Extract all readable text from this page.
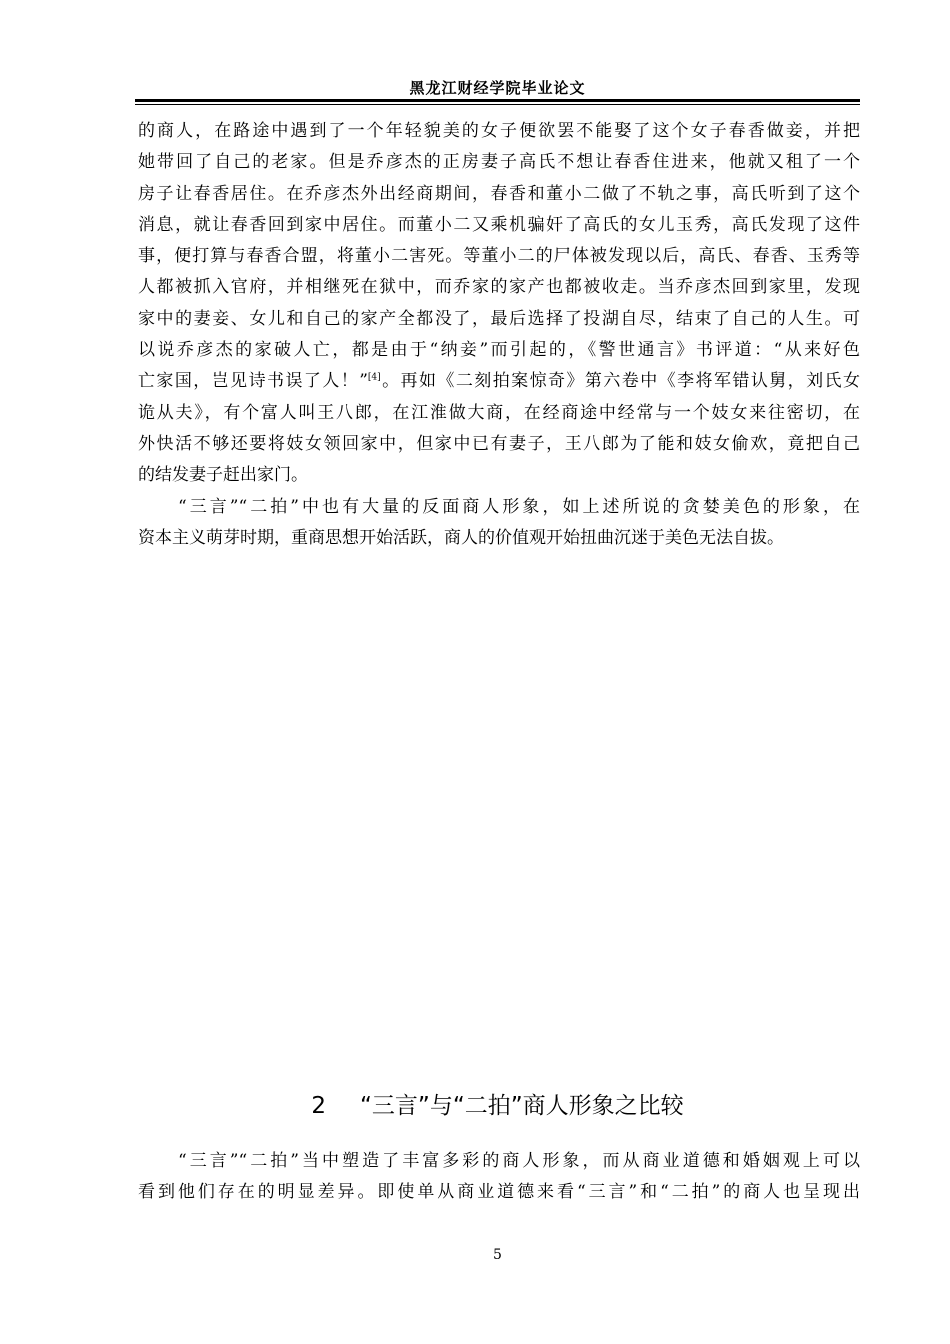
黑龙江财经学院毕业论文
的商人，在路途中遇到了一个年轻貌美的女子便欲罢不能娶了这个女子春香做妾，并把
她带回了自己的老家。但是乔彦杰的正房妻子高氏不想让春香住进来，他就又租了一个
房子让春香居住。在乔彦杰外出经商期间，春香和董小二做了不轨之事，高氏听到了这个
消息，就让春香回到家中居住。而董小二又乘机骗奸了高氏的女儿玉秀，高氏发现了这件
事，便打算与春香合盟，将董小二害死。等董小二的尸体被发现以后，高氏、春香、玉秀等
人都被抓入官府，并相继死在狱中，而乔家的家产也都被收走。当乔彦杰回到家里，发现
家中的妻妾、女儿和自己的家产全都没了，最后选择了投湖自尽，结束了自己的人生。可
以说乔彦杰的家破人亡，都是由于“纳妾”而引起的，《警世通言》书评道：“从来好色
亡家国，岂见诗书误了人！”[4]。再如《二刻拍案惊奇》第六卷中《李将军错认舅，刘氏女
诡从夫》，有个富人叫王八郎，在江淮做大商，在经商途中经常与一个妓女来往密切，在
外快活不够还要将妓女领回家中，但家中已有妻子，王八郎为了能和妓女偷欢，竟把自己
的结发妻子赶出家门。
“三言”“二拍”中也有大量的反面商人形象，如上述所说的贪婪美色的形象，在
资本主义萌芽时期，重商思想开始活跃，商人的价值观开始扭曲沉迷于美色无法自拔。
2 “三言”与“二拍”商人形象之比较
“三言”“二拍”当中塑造了丰富多彩的商人形象，而从商业道德和婚姻观上可以
看到他们存在的明显差异。即使单从商业道德来看“三言”和“二拍”的商人也呈现出
5
